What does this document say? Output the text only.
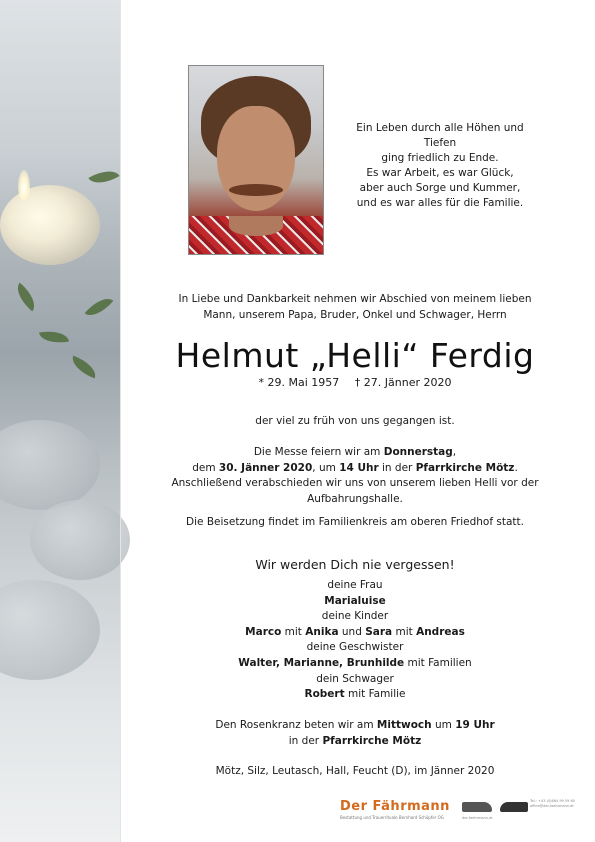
Ein Leben durch alle Höhen und Tiefen
ging friedlich zu Ende.
Es war Arbeit, es war Glück,
aber auch Sorge und Kummer,
und es war alles für die Familie.
In Liebe und Dankbarkeit nehmen wir Abschied von meinem lieben
Mann, unserem Papa, Bruder, Onkel und Schwager, Herrn
Helmut „Helli“ Ferdig
* 29. Mai 1957 † 27. Jänner 2020
der viel zu früh von uns gegangen ist.
Die Messe feiern wir am Donnerstag,
dem 30. Jänner 2020, um 14 Uhr in der Pfarrkirche Mötz.
Anschließend verabschieden wir uns von unserem lieben Helli vor der
Aufbahrungshalle.
Die Beisetzung findet im Familienkreis am oberen Friedhof statt.
Wir werden Dich nie vergessen!
deine Frau
Marialuise
deine Kinder
Marco mit Anika und Sara mit Andreas
deine Geschwister
Walter, Marianne, Brunhilde mit Familien
dein Schwager
Robert mit Familie
Den Rosenkranz beten wir am Mittwoch um 19 Uhr
in der Pfarrkirche Mötz
Mötz, Silz, Leutasch, Hall, Feucht (D), im Jänner 2020
Der Fährmann
Bestattung und Trauerrituale Bernhard Schöpfer OG	der-faehrmann.at
Tel.: +43 (0)664 99 59 60 office@der-faehrmann.at
